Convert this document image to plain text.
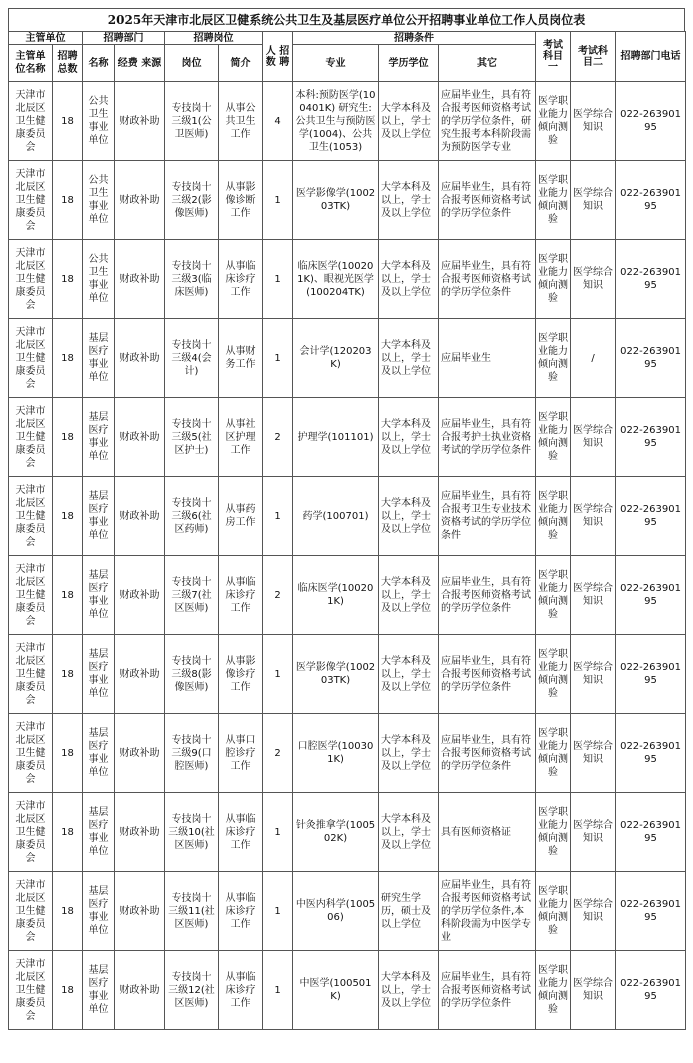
2025年天津市北辰区卫健系统公共卫生及基层医疗单位公开招聘事业单位工作人员岗位表
主管单位		招聘部门		招聘岗位		人 招 数 聘	招聘条件			考试 科目 一	考试科 目二	招聘部门电话
主管单 位名称	招聘 总数	名称	经费 来源	岗位	简介		专业	学历学位	其它			
天津市北辰区卫生健康委员会	18	公共卫生事业单位	财政补助	专技岗十三级1(公卫医师)	从事公共卫生工作	4	本科:预防医学(100401K) 研究生:公共卫生与预防医学(1004)、公共卫生(1053)	大学本科及以上，学士及以上学位	应届毕业生，具有符合报考医师资格考试的学历学位条件，研究生报考本科阶段需为预防医学专业	医学职业能力倾向测验	医学综合知识	022-26390195
天津市北辰区卫生健康委员会	18	公共卫生事业单位	财政补助	专技岗十三级2(影像医师)	从事影像诊断工作	1	医学影像学(100203TK)	大学本科及以上，学士及以上学位	应届毕业生，具有符合报考医师资格考试的学历学位条件	医学职业能力倾向测验	医学综合知识	022-26390195
天津市北辰区卫生健康委员会	18	公共卫生事业单位	财政补助	专技岗十三级3(临床医师)	从事临床诊疗工作	1	临床医学(100201K)、眼视光医学(100204TK)	大学本科及以上，学士及以上学位	应届毕业生，具有符合报考医师资格考试的学历学位条件	医学职业能力倾向测验	医学综合知识	022-26390195
天津市北辰区卫生健康委员会	18	基层医疗事业单位	财政补助	专技岗十三级4(会计)	从事财务工作	1	会计学(120203K)	大学本科及以上，学士及以上学位	应届毕业生	医学职业能力倾向测验	/	022-26390195
天津市北辰区卫生健康委员会	18	基层医疗事业单位	财政补助	专技岗十三级5(社区护士)	从事社区护理工作	2	护理学(101101)	大学本科及以上，学士及以上学位	应届毕业生，具有符合报考护士执业资格考试的学历学位条件	医学职业能力倾向测验	医学综合知识	022-26390195
天津市北辰区卫生健康委员会	18	基层医疗事业单位	财政补助	专技岗十三级6(社区药师)	从事药房工作	1	药学(100701)	大学本科及以上，学士及以上学位	应届毕业生，具有符合报考卫生专业技术资格考试的学历学位条件	医学职业能力倾向测验	医学综合知识	022-26390195
天津市北辰区卫生健康委员会	18	基层医疗事业单位	财政补助	专技岗十三级7(社区医师)	从事临床诊疗工作	2	临床医学(100201K)	大学本科及以上，学士及以上学位	应届毕业生，具有符合报考医师资格考试的学历学位条件	医学职业能力倾向测验	医学综合知识	022-26390195
天津市北辰区卫生健康委员会	18	基层医疗事业单位	财政补助	专技岗十三级8(影像医师)	从事影像诊疗工作	1	医学影像学(100203TK)	大学本科及以上，学士及以上学位	应届毕业生，具有符合报考医师资格考试的学历学位条件	医学职业能力倾向测验	医学综合知识	022-26390195
天津市北辰区卫生健康委员会	18	基层医疗事业单位	财政补助	专技岗十三级9(口腔医师)	从事口腔诊疗工作	2	口腔医学(100301K)	大学本科及以上，学士及以上学位	应届毕业生，具有符合报考医师资格考试的学历学位条件	医学职业能力倾向测验	医学综合知识	022-26390195
天津市北辰区卫生健康委员会	18	基层医疗事业单位	财政补助	专技岗十三级10(社区医师)	从事临床诊疗工作	1	针灸推拿学(100502K)	大学本科及以上，学士及以上学位	具有医师资格证	医学职业能力倾向测验	医学综合知识	022-26390195
天津市北辰区卫生健康委员会	18	基层医疗事业单位	财政补助	专技岗十三级11(社区医师)	从事临床诊疗工作	1	中医内科学(100506)	研究生学历，硕士及以上学位	应届毕业生，具有符合报考医师资格考试的学历学位条件,本科阶段需为中医学专业	医学职业能力倾向测验	医学综合知识	022-26390195
天津市北辰区卫生健康委员会	18	基层医疗事业单位	财政补助	专技岗十三级12(社区医师)	从事临床诊疗工作	1	中医学(100501K)	大学本科及以上，学士及以上学位	应届毕业生，具有符合报考医师资格考试的学历学位条件	医学职业能力倾向测验	医学综合知识	022-26390195
